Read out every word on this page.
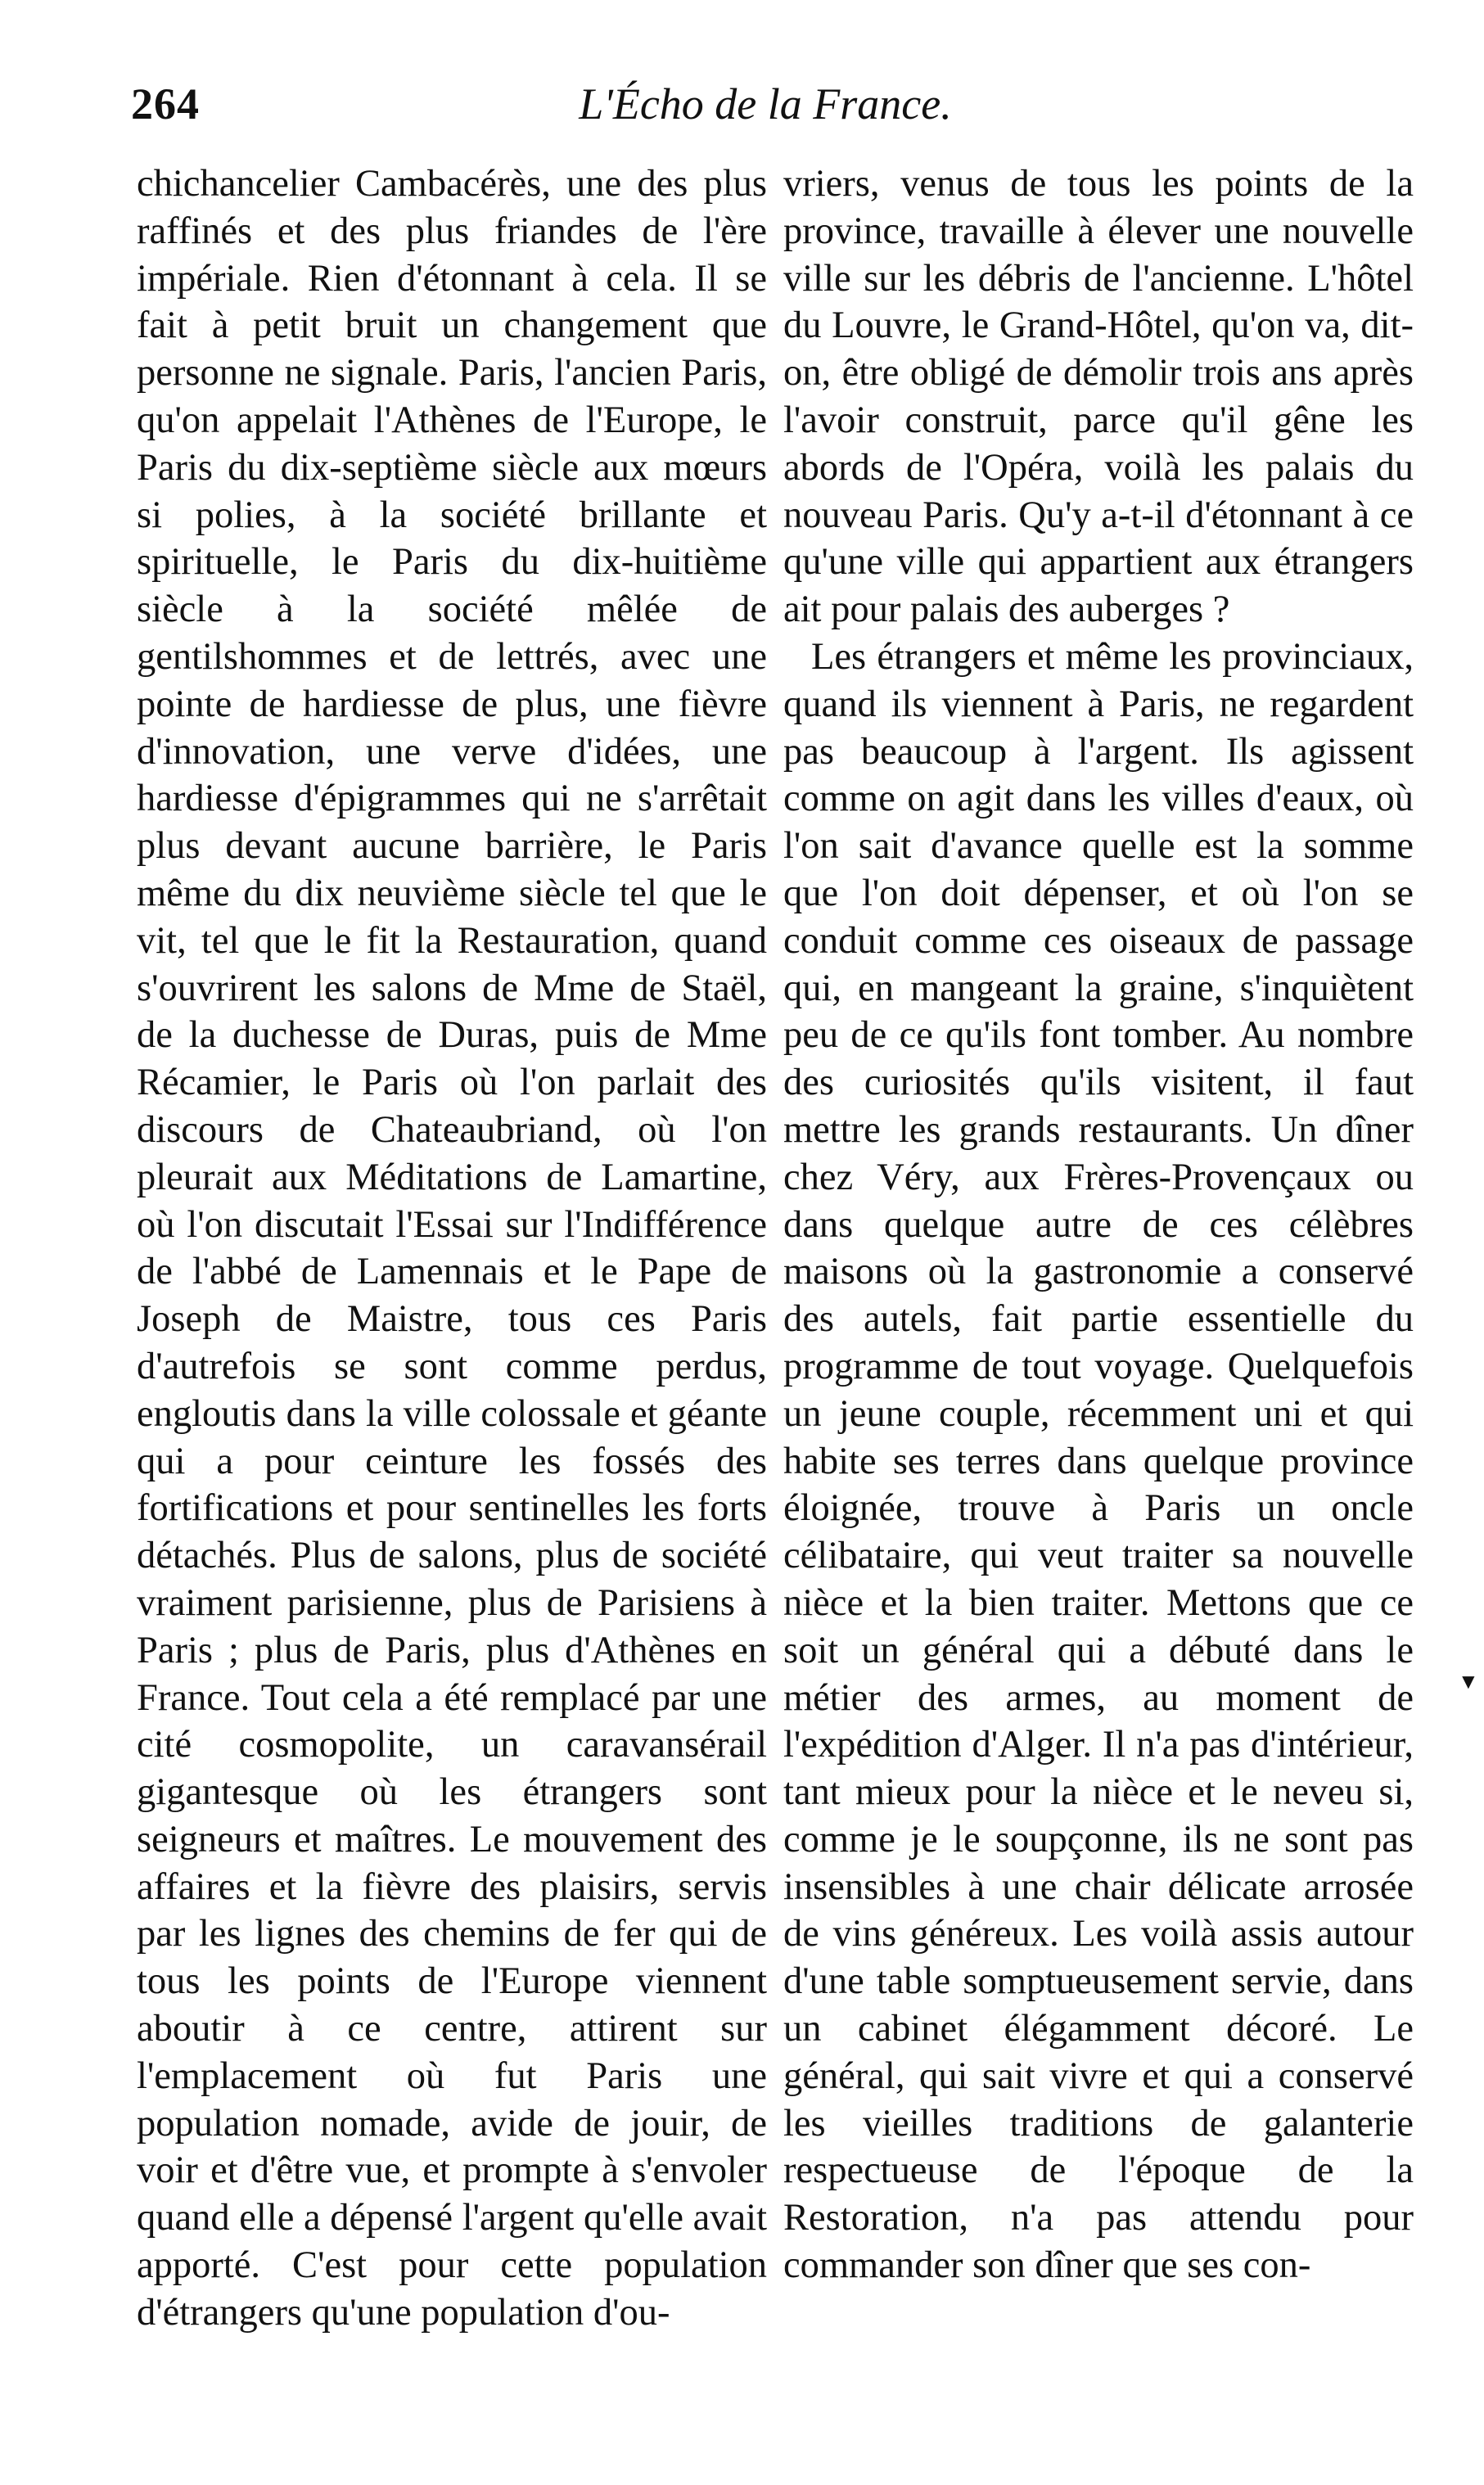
264	L'Écho de la France.

chichancelier Cambacérès, une des plus raffinés et des plus friandes de l'ère impériale. Rien d'étonnant à cela. Il se fait à petit bruit un changement que personne ne signale. Paris, l'ancien Paris, qu'on appelait l'Athènes de l'Europe, le Paris du dix-septième siècle aux mœurs si polies, à la société brillante et spirituelle, le Paris du dix-huitième siècle à la société mêlée de gentilshommes et de lettrés, avec une pointe de hardiesse de plus, une fièvre d'innovation, une verve d'idées, une hardiesse d'épigrammes qui ne s'arrêtait plus devant aucune barrière, le Paris même du dix neuvième siècle tel que le vit, tel que le fit la Restauration, quand s'ouvrirent les salons de Mme de Staël, de la duchesse de Duras, puis de Mme Récamier, le Paris où l'on parlait des discours de Chateaubriand, où l'on pleurait aux Méditations de Lamartine, où l'on discutait l'Essai sur l'Indifférence de l'abbé de Lamennais et le Pape de Joseph de Maistre, tous ces Paris d'autrefois se sont comme perdus, engloutis dans la ville colossale et géante qui a pour ceinture les fossés des fortifications et pour sentinelles les forts détachés. Plus de salons, plus de société vraiment parisienne, plus de Parisiens à Paris ; plus de Paris, plus d'Athènes en France. Tout cela a été remplacé par une cité cosmopolite, un caravansérail gigantesque où les étrangers sont seigneurs et maîtres. Le mouvement des affaires et la fièvre des plaisirs, servis par les lignes des chemins de fer qui de tous les points de l'Europe viennent aboutir à ce centre, attirent sur l'emplacement où fut Paris une population nomade, avide de jouir, de voir et d'être vue, et prompte à s'envoler quand elle a dépensé l'argent qu'elle avait apporté. C'est pour cette population d'étrangers qu'une population d'ou-

vriers, venus de tous les points de la province, travaille à élever une nouvelle ville sur les débris de l'ancienne. L'hôtel du Louvre, le Grand-Hôtel, qu'on va, dit-on, être obligé de démolir trois ans après l'avoir construit, parce qu'il gêne les abords de l'Opéra, voilà les palais du nouveau Paris. Qu'y a-t-il d'étonnant à ce qu'une ville qui appartient aux étrangers ait pour palais des auberges ?

Les étrangers et même les provinciaux, quand ils viennent à Paris, ne regardent pas beaucoup à l'argent. Ils agissent comme on agit dans les villes d'eaux, où l'on sait d'avance quelle est la somme que l'on doit dépenser, et où l'on se conduit comme ces oiseaux de passage qui, en mangeant la graine, s'inquiètent peu de ce qu'ils font tomber. Au nombre des curiosités qu'ils visitent, il faut mettre les grands restaurants. Un dîner chez Véry, aux Frères-Provençaux ou dans quelque autre de ces célèbres maisons où la gastronomie a conservé des autels, fait partie essentielle du programme de tout voyage. Quelquefois un jeune couple, récemment uni et qui habite ses terres dans quelque province éloignée, trouve à Paris un oncle célibataire, qui veut traiter sa nouvelle nièce et la bien traiter. Mettons que ce soit un général qui a débuté dans le métier des armes, au moment de l'expédition d'Alger. Il n'a pas d'intérieur, tant mieux pour la nièce et le neveu si, comme je le soupçonne, ils ne sont pas insensibles à une chair délicate arrosée de vins généreux. Les voilà assis autour d'une table somptueusement servie, dans un cabinet élégamment décoré. Le général, qui sait vivre et qui a conservé les vieilles traditions de galanterie respectueuse de l'époque de la Restoration, n'a pas attendu pour commander son dîner que ses con-

▼
